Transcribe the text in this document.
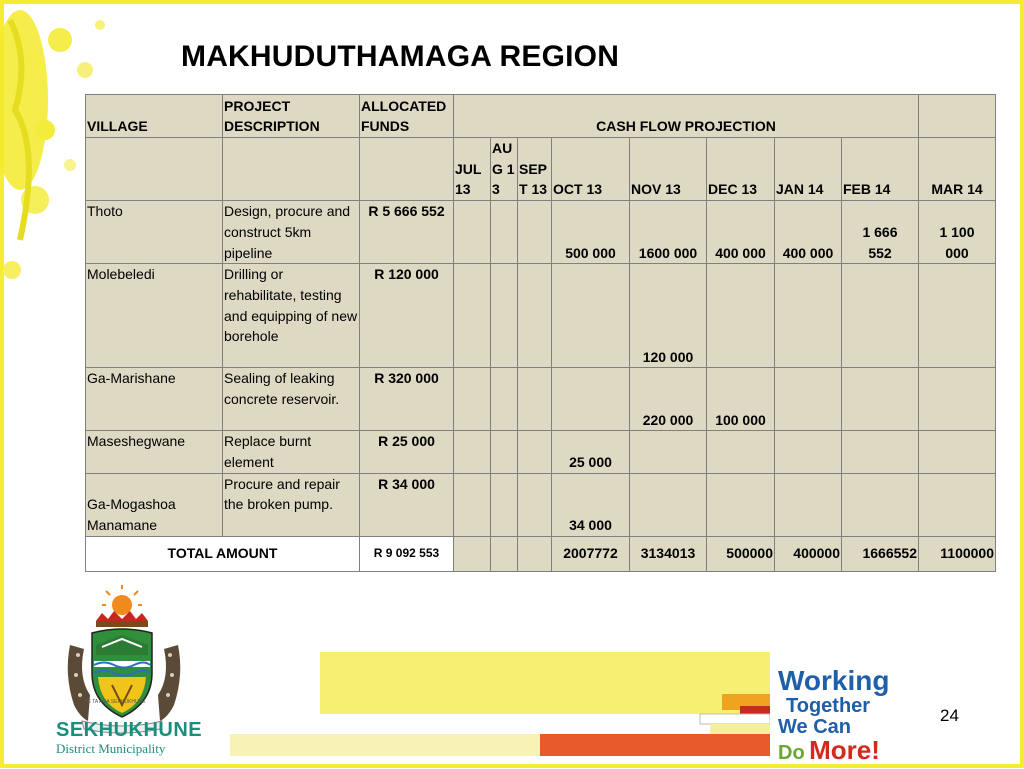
MAKHUDUTHAMAGA REGION
VILLAGE	PROJECT DESCRIPTION	ALLOCATED FUNDS	CASH FLOW PROJECTION								
			JUL 13	AUG 13	SEPT 13	OCT 13	NOV 13	DEC 13	JAN 14	FEB 14	MAR 14
Thoto	Design, procure and construct 5km pipeline	R 5 666 552				500 000	1600 000	400 000	400 000	1 666 552	1 100 000
Molebeledi	Drilling or rehabilitate, testing and equipping of new borehole	R 120 000					120 000				
Ga-Marishane	Sealing of leaking concrete reservoir.	R 320 000					220 000	100 000			
Maseshegwane	Replace burnt element	R 25 000				25 000					
Ga-Mogashoa Manamane	Procure and repair the broken pump.	R 34 000				34 000					
TOTAL AMOUNT		R 9 092 553				2007772	3134013	500000	400000	1666552	1100000
RE TA AGA SEKHUKHUNE
SEKHUKHUNE
District Municipality
Working
Together
We Can
Do More!
24
